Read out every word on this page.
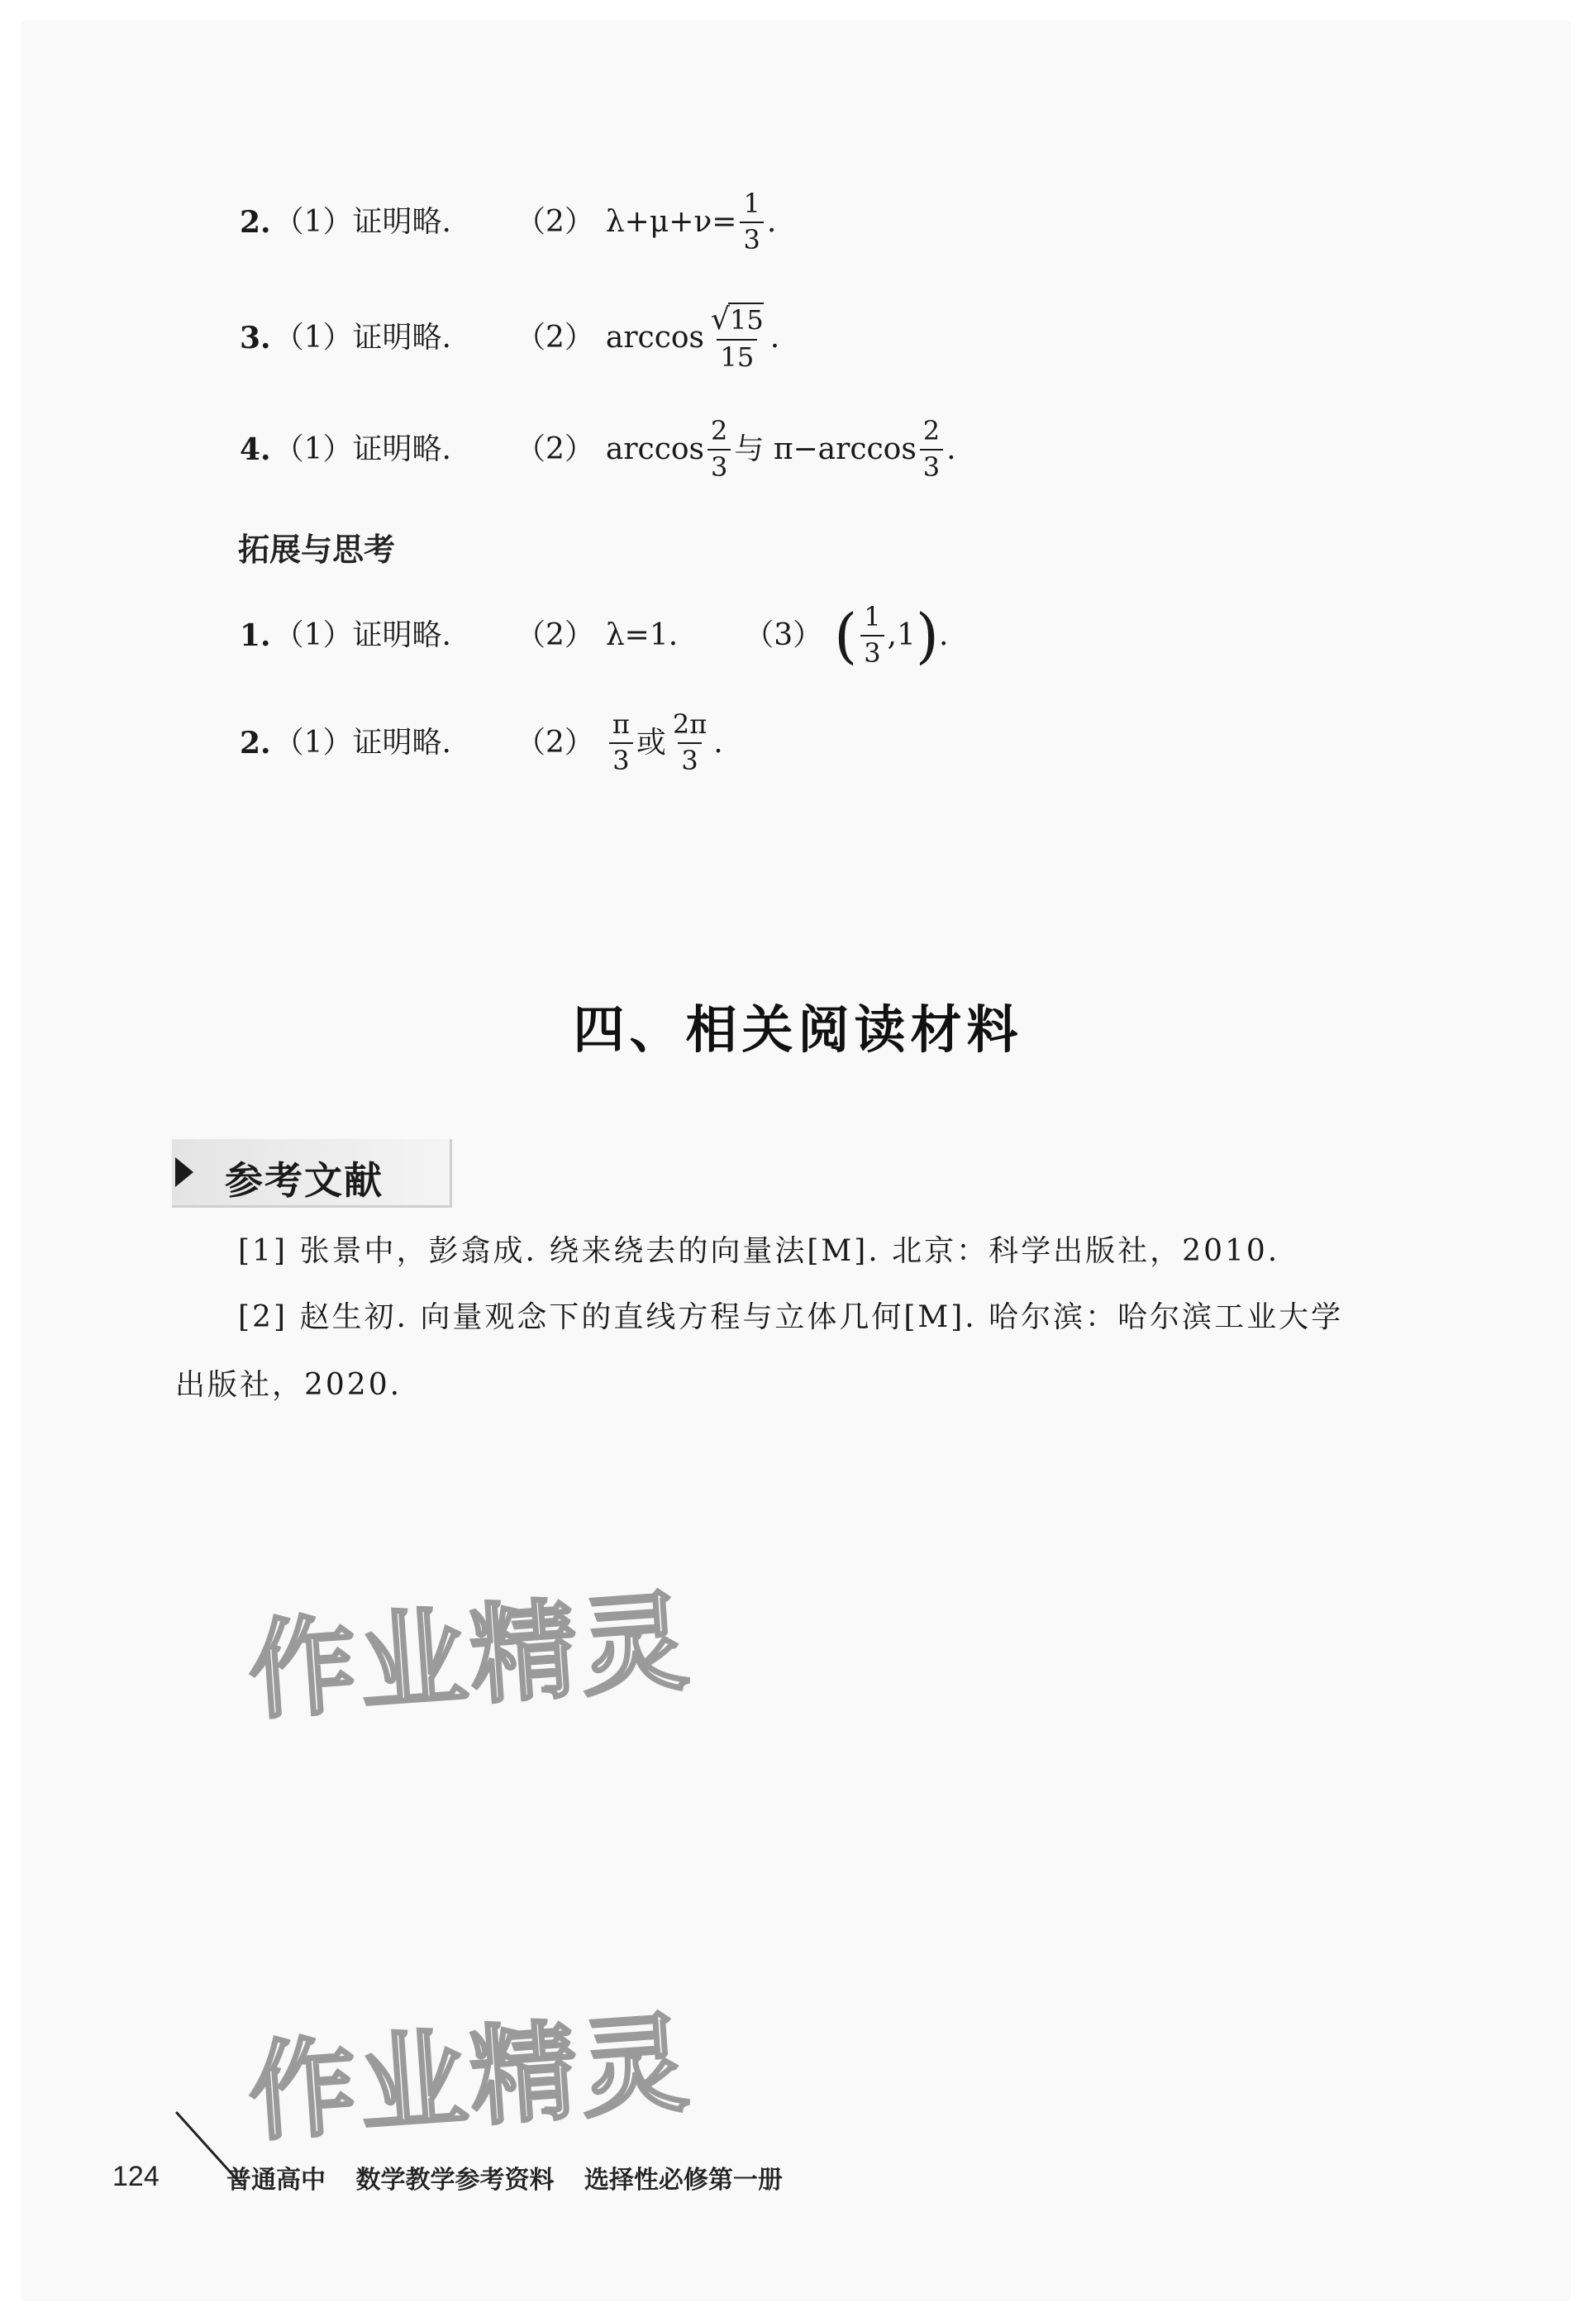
2. （1） 证明略. （2） $\lambda+\mu+\nu= \frac{1}{3}$ .
3. （1） 证明略. （2） $\arccos \frac{√15}{15}$ .
4. （1） 证明略. （2） $\arccos \frac{2}{3}$ 与 $\pi-\arccos \frac{2}{3}$ .
拓展与思考
1. （1） 证明略. （2） λ=1. （3） ( $\frac{1}{3} ,1$ ) .
2. （1） 证明略. $(2) \frac{\pi}{3}$ 或 $\frac{2\pi}{3}$ .
四、相关阅读材料
参考文献
[1] 张景中，彭翕成. 绕来绕去的向量法[M]. 北京：科学出版社，2010.
[2] 赵生初. 向量观念下的直线方程与立体几何[M]. 哈尔滨：哈尔滨工业大学
出版社，2020.
作业精灵
作业精灵
124	普通高中 数学教学参考资料 选择性必修第一册
